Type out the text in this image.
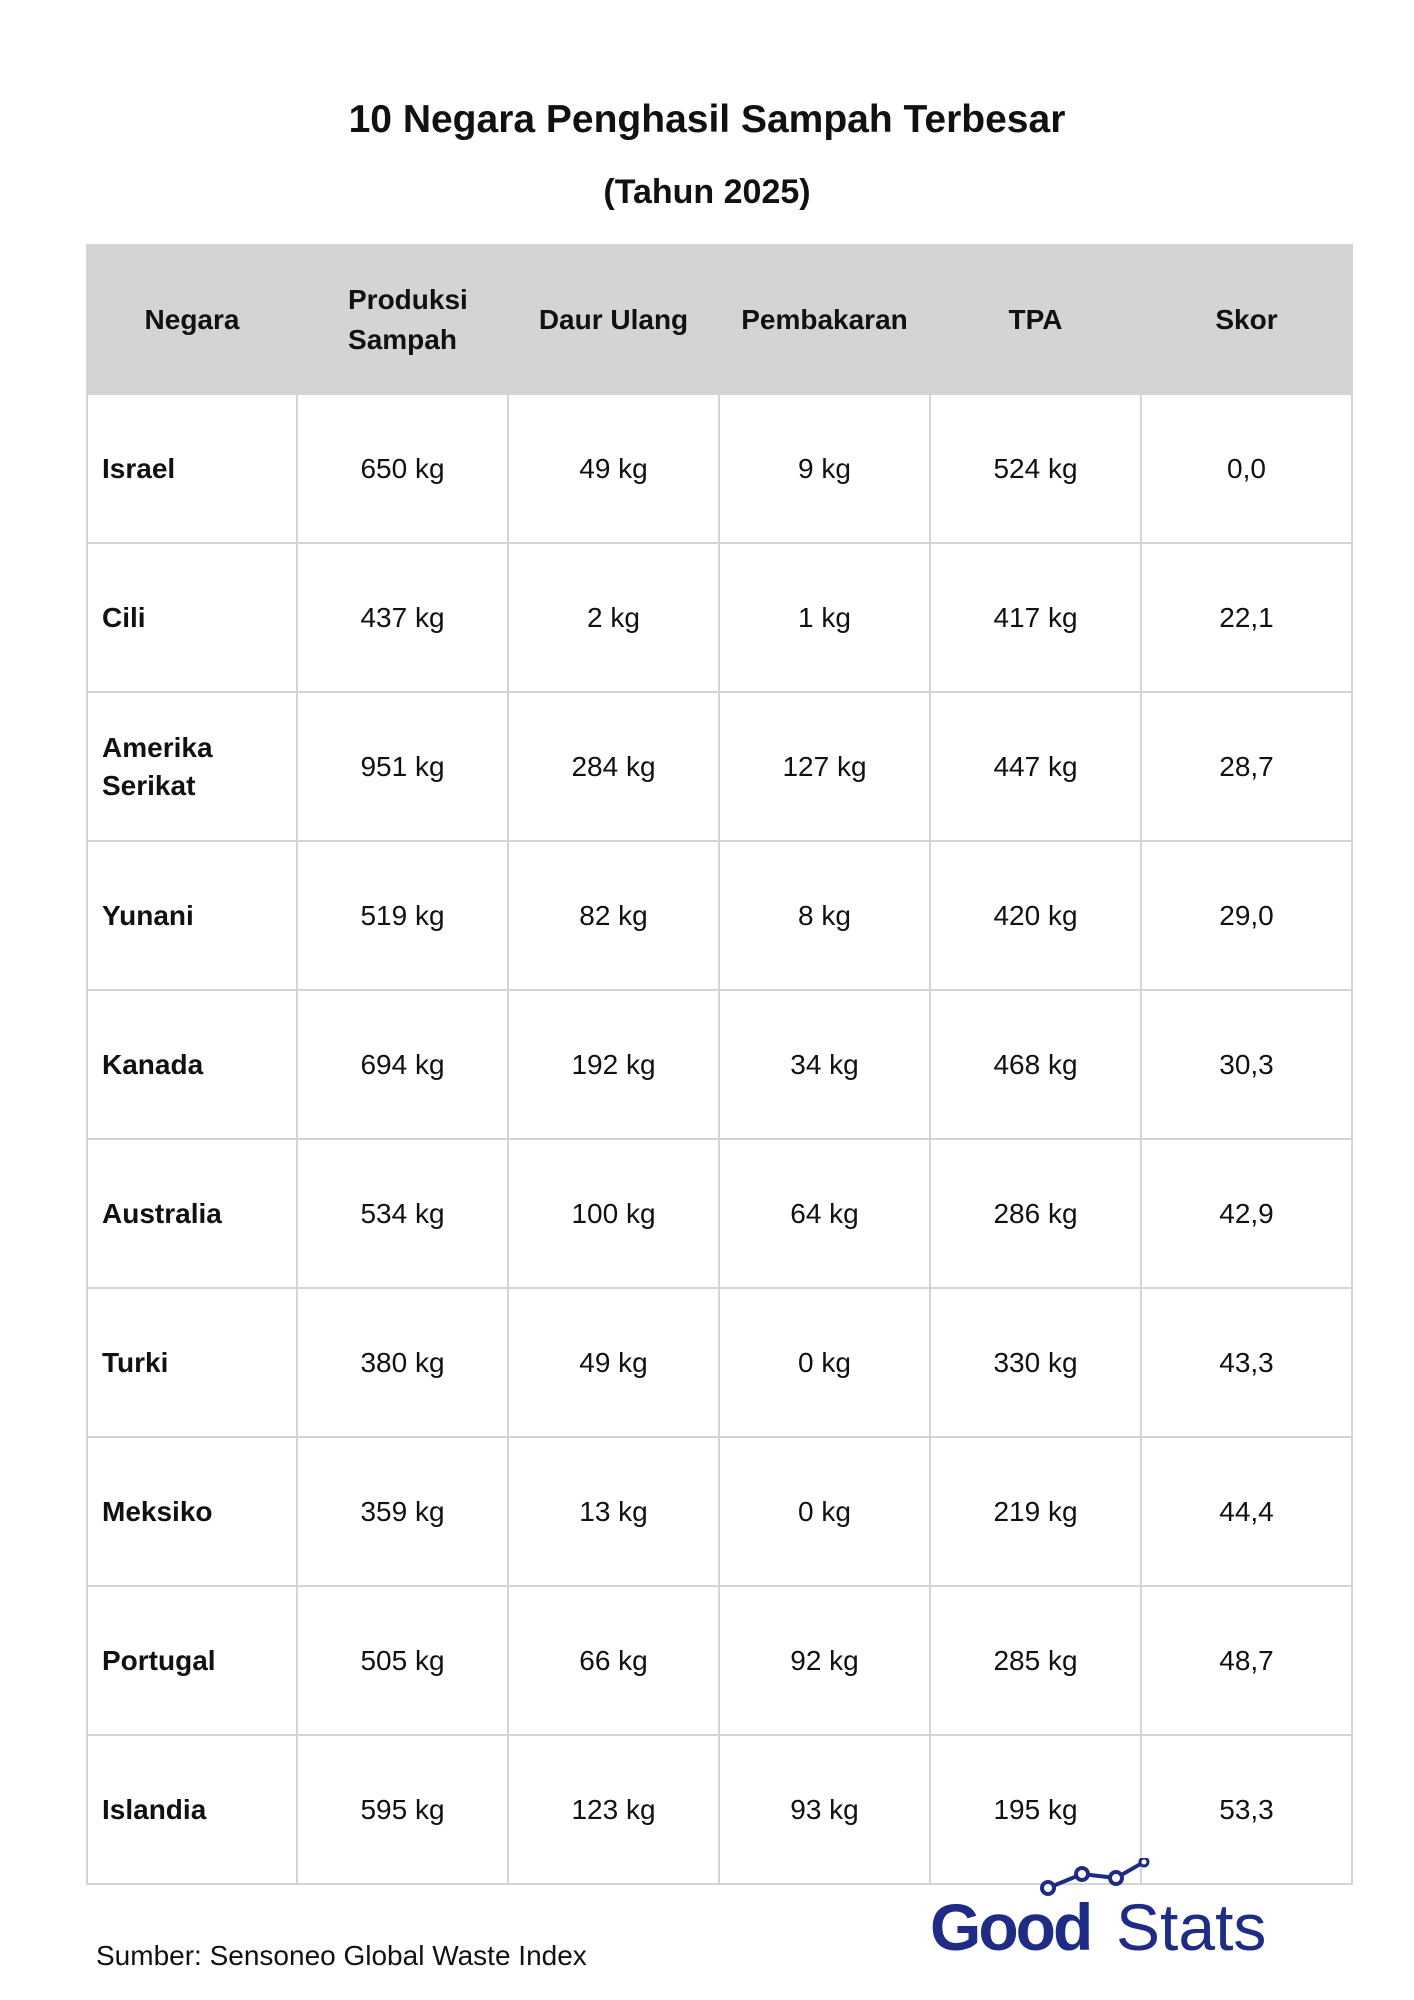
10 Negara Penghasil Sampah Terbesar
(Tahun 2025)
Negara	Produksi Sampah	Daur Ulang	Pembakaran	TPA	Skor
Israel	650 kg	49 kg	9 kg	524 kg	0,0
Cili	437 kg	2 kg	1 kg	417 kg	22,1
Amerika Serikat	951 kg	284 kg	127 kg	447 kg	28,7
Yunani	519 kg	82 kg	8 kg	420 kg	29,0
Kanada	694 kg	192 kg	34 kg	468 kg	30,3
Australia	534 kg	100 kg	64 kg	286 kg	42,9
Turki	380 kg	49 kg	0 kg	330 kg	43,3
Meksiko	359 kg	13 kg	0 kg	219 kg	44,4
Portugal	505 kg	66 kg	92 kg	285 kg	48,7
Islandia	595 kg	123 kg	93 kg	195 kg	53,3
Sumber: Sensoneo Global Waste Index	Good Stats
